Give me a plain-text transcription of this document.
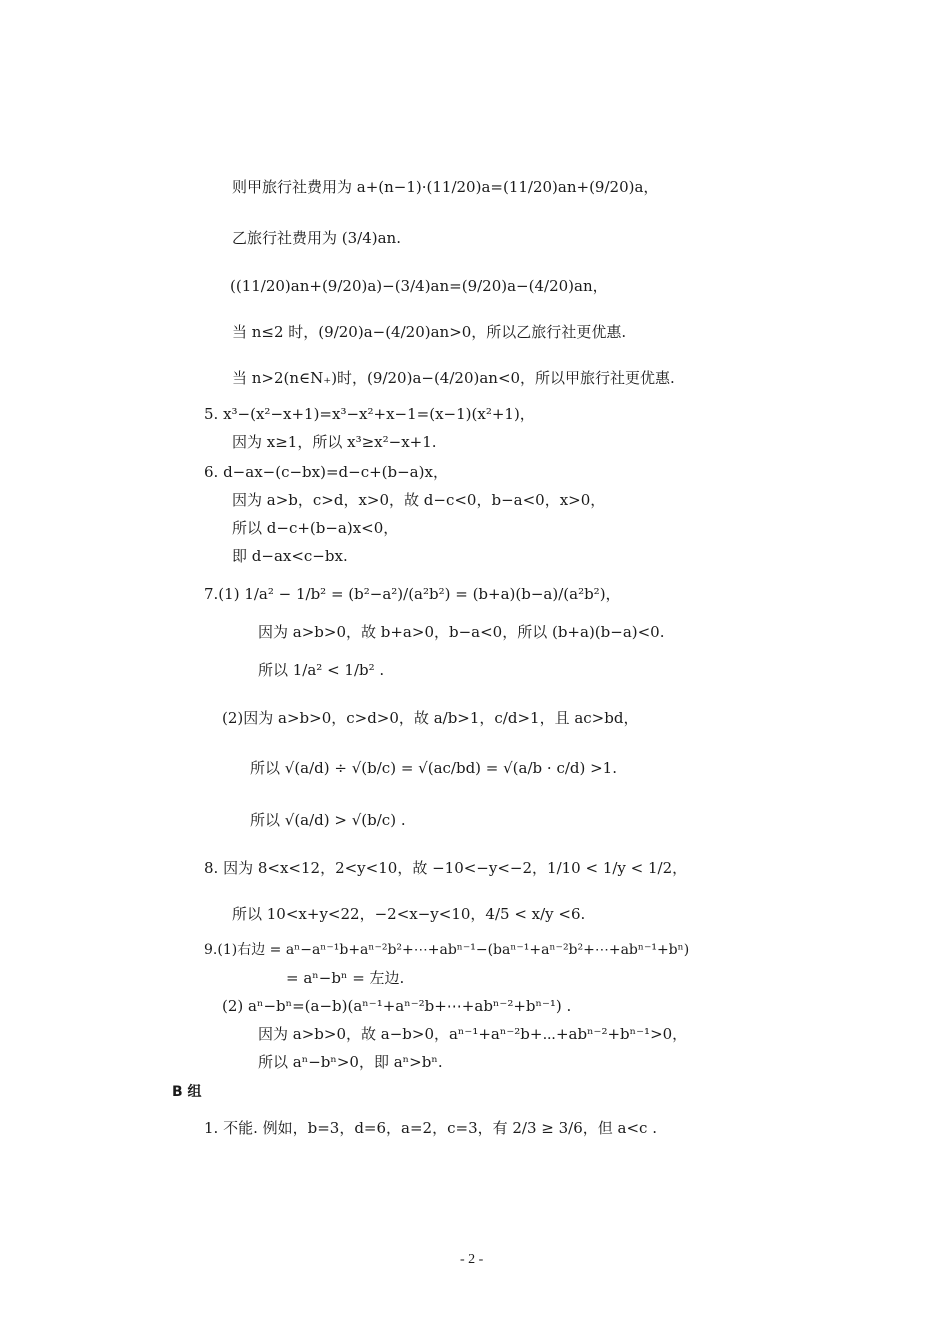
则甲旅行社费用为 a+(n−1)·(11/20)a=(11/20)an+(9/20)a，
乙旅行社费用为 (3/4)an.
((11/20)an+(9/20)a)−(3/4)an=(9/20)a−(4/20)an，
当 n≤2 时，(9/20)a−(4/20)an>0，所以乙旅行社更优惠.
当 n>2(n∈N₊)时，(9/20)a−(4/20)an<0，所以甲旅行社更优惠.
5. x³−(x²−x+1)=x³−x²+x−1=(x−1)(x²+1)，
因为 x≥1，所以 x³≥x²−x+1.
6. d−ax−(c−bx)=d−c+(b−a)x，
因为 a>b，c>d，x>0，故 d−c<0，b−a<0，x>0，
所以 d−c+(b−a)x<0，
即 d−ax<c−bx.
7.(1) 1/a² − 1/b² = (b²−a²)/(a²b²) = (b+a)(b−a)/(a²b²)，
因为 a>b>0，故 b+a>0，b−a<0，所以 (b+a)(b−a)<0.
所以 1/a² < 1/b² .
(2)因为 a>b>0，c>d>0，故 a/b>1，c/d>1，且 ac>bd，
所以 √(a/d) ÷ √(b/c) = √(ac/bd) = √(a/b · c/d) >1.
所以 √(a/d) > √(b/c) .
8. 因为 8<x<12，2<y<10，故 −10<−y<−2，1/10 < 1/y < 1/2，
所以 10<x+y<22，−2<x−y<10，4/5 < x/y <6.
9.(1)右边 = aⁿ−aⁿ⁻¹b+aⁿ⁻²b²+⋯+abⁿ⁻¹−(baⁿ⁻¹+aⁿ⁻²b²+⋯+abⁿ⁻¹+bⁿ)
= aⁿ−bⁿ = 左边.
(2) aⁿ−bⁿ=(a−b)(aⁿ⁻¹+aⁿ⁻²b+⋯+abⁿ⁻²+bⁿ⁻¹) .
因为 a>b>0，故 a−b>0，aⁿ⁻¹+aⁿ⁻²b+⋯+abⁿ⁻²+bⁿ⁻¹>0，
所以 aⁿ−bⁿ>0，即 aⁿ>bⁿ.
B 组
1. 不能. 例如，b=3，d=6，a=2，c=3，有 2/3 ≥ 3/6，但 a<c .
- 2 -
